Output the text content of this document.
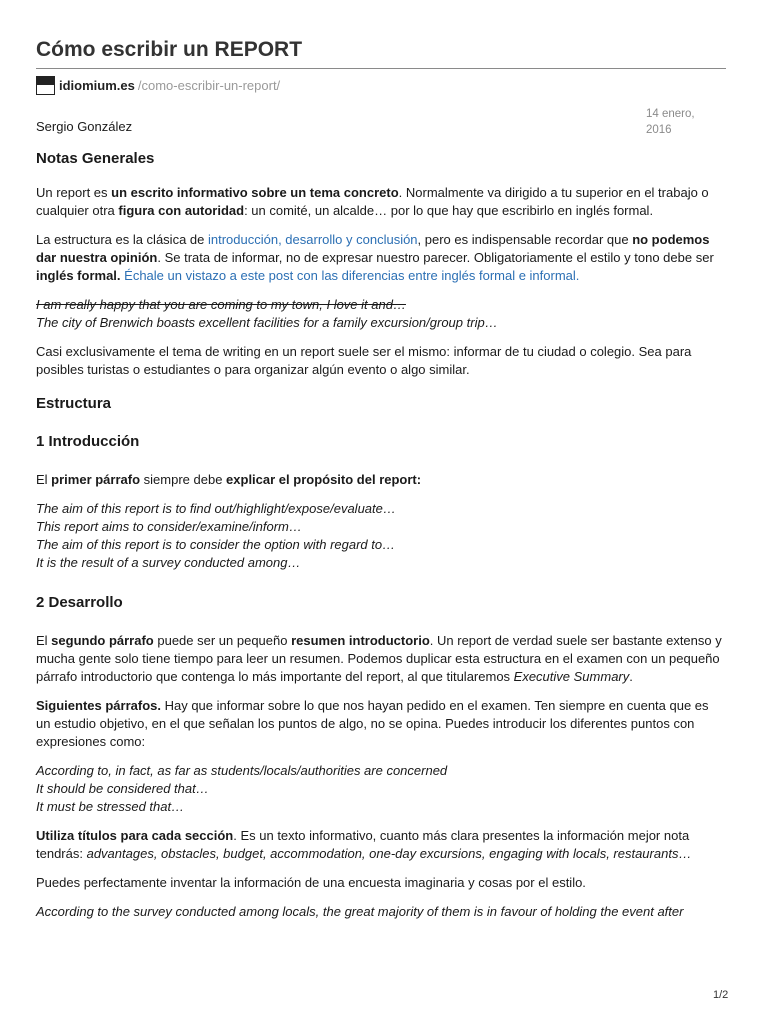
Cómo escribir un REPORT
idiomium.es /como-escribir-un-report/
14 enero,
2016
Sergio González
Notas Generales

Un report es un escrito informativo sobre un tema concreto. Normalmente va dirigido a tu superior en el trabajo o cualquier otra figura con autoridad: un comité, un alcalde… por lo que hay que escribirlo en inglés formal.

La estructura es la clásica de introducción, desarrollo y conclusión, pero es indispensable recordar que no podemos dar nuestra opinión. Se trata de informar, no de expresar nuestro parecer. Obligatoriamente el estilo y tono debe ser inglés formal. Échale un vistazo a este post con las diferencias entre inglés formal e informal.

I am really happy that you are coming to my town, I love it and…
The city of Brenwich boasts excellent facilities for a family excursion/group trip…

Casi exclusivamente el tema de writing en un report suele ser el mismo: informar de tu ciudad o colegio. Sea para posibles turistas o estudiantes o para organizar algún evento o algo similar.

Estructura
1 Introducción

El primer párrafo siempre debe explicar el propósito del report:

The aim of this report is to find out/highlight/expose/evaluate…
This report aims to consider/examine/inform…
The aim of this report is to consider the option with regard to…
It is the result of a survey conducted among…

2 Desarrollo

El segundo párrafo puede ser un pequeño resumen introductorio. Un report de verdad suele ser bastante extenso y mucha gente solo tiene tiempo para leer un resumen. Podemos duplicar esta estructura en el examen con un pequeño párrafo introductorio que contenga lo más importante del report, al que titularemos Executive Summary.

Siguientes párrafos. Hay que informar sobre lo que nos hayan pedido en el examen. Ten siempre en cuenta que es un estudio objetivo, en el que señalan los puntos de algo, no se opina. Puedes introducir los diferentes puntos con expresiones como:

According to, in fact, as far as students/locals/authorities are concerned
It should be considered that…
It must be stressed that…

Utiliza títulos para cada sección. Es un texto informativo, cuanto más clara presentes la información mejor nota tendrás: advantages, obstacles, budget, accommodation, one-day excursions, engaging with locals, restaurants…

Puedes perfectamente inventar la información de una encuesta imaginaria y cosas por el estilo.

According to the survey conducted among locals, the great majority of them is in favour of holding the event after

1/2
